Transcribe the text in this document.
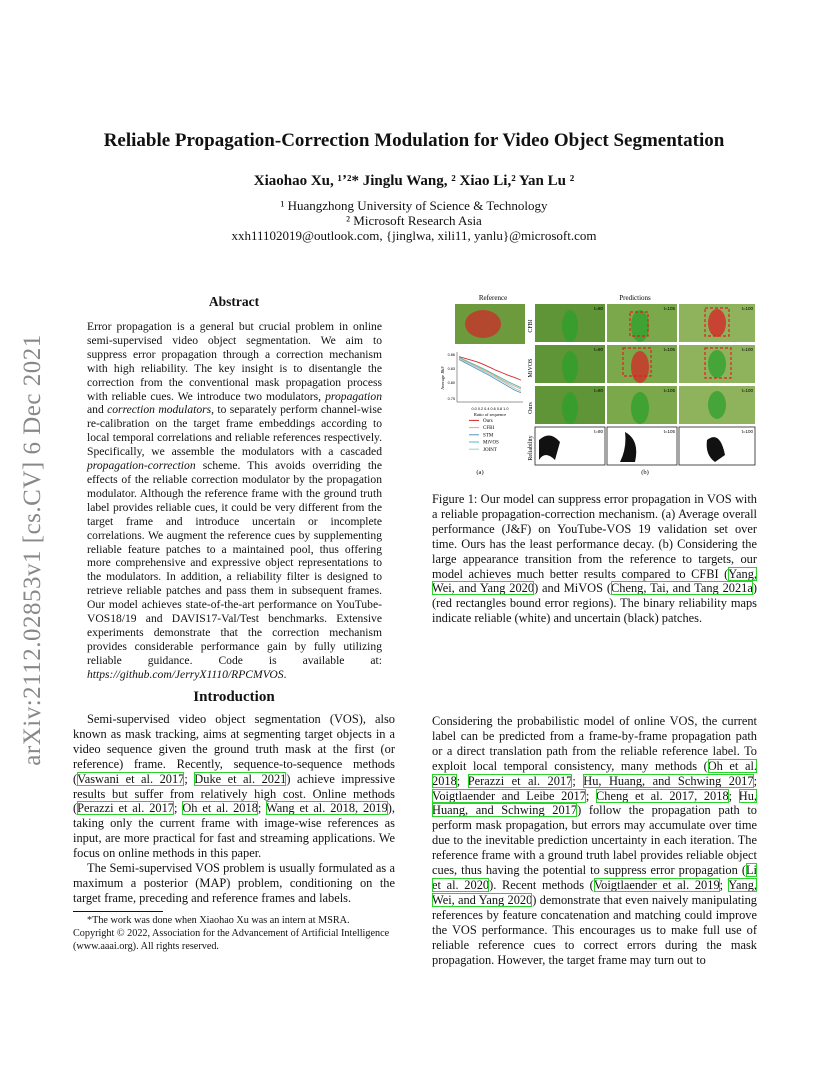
Reliable Propagation-Correction Modulation for Video Object Segmentation
Xiaohao Xu, ¹ʼ²* Jinglu Wang, ² Xiao Li,² Yan Lu ²
¹ Huangzhong University of Science & Technology
² Microsoft Research Asia
xxh11102019@outlook.com, {jinglwa, xili11, yanlu}@microsoft.com
arXiv:2112.02853v1 [cs.CV] 6 Dec 2021
Abstract
Error propagation is a general but crucial problem in online semi-supervised video object segmentation. We aim to suppress error propagation through a correction mechanism with high reliability. The key insight is to disentangle the correction from the conventional mask propagation process with reliable cues. We introduce two modulators, propagation and correction modulators, to separately perform channel-wise re-calibration on the target frame embeddings according to local temporal correlations and reliable references respectively. Specifically, we assemble the modulators with a cascaded propagation-correction scheme. This avoids overriding the effects of the reliable correction modulator by the propagation modulator. Although the reference frame with the ground truth label provides reliable cues, it could be very different from the target frame and introduce uncertain or incomplete correlations. We augment the reference cues by supplementing reliable feature patches to a maintained pool, thus offering more comprehensive and expressive object representations to the modulators. In addition, a reliability filter is designed to retrieve reliable patches and pass them in subsequent frames. Our model achieves state-of-the-art performance on YouTube-VOS18/19 and DAVIS17-Val/Test benchmarks. Extensive experiments demonstrate that the correction mechanism provides considerable performance gain by fully utilizing reliable guidance. Code is available at: https://github.com/JerryX1110/RPCMVOS.
Introduction

Semi-supervised video object segmentation (VOS), also known as mask tracking, aims at segmenting target objects in a video sequence given the ground truth mask at the first (or reference) frame. Recently, sequence-to-sequence methods (Vaswani et al. 2017; Duke et al. 2021) achieve impressive results but suffer from relatively high cost. Online methods (Perazzi et al. 2017; Oh et al. 2018; Wang et al. 2018, 2019), taking only the current frame with image-wise references as input, are more practical for fast and streaming applications. We focus on online methods in this paper.

The Semi-supervised VOS problem is usually formulated as a maximum a posterior (MAP) problem, conditioning on the target frame, preceding and reference frames and labels.

*The work was done when Xiaohao Xu was an intern at MSRA.
Copyright © 2022, Association for the Advancement of Artificial Intelligence (www.aaai.org). All rights reserved.
Reference	Predictions
CFBI
MiVOS
Ours
Reliability
t=80	t=105	t=100
t=80	t=105	t=100
t=80	t=105	t=100
t=80	t=105	t=100
Average J&F
Ratio of sequence
0.0 0.2 0.4 0.6 0.8 1.0
0.86
0.83
0.80
0.75
Ours
CFBI
STM
MiVOS
JOINT
(a)	(b)
Figure 1: Our model can suppress error propagation in VOS with a reliable propagation-correction mechanism. (a) Average overall performance (J&F) on YouTube-VOS 19 validation set over time. Ours has the least performance decay. (b) Considering the large appearance transition from the reference to targets, our model achieves much better results compared to CFBI (Yang, Wei, and Yang 2020) and MiVOS (Cheng, Tai, and Tang 2021a) (red rectangles bound error regions). The binary reliability maps indicate reliable (white) and uncertain (black) patches.
Considering the probabilistic model of online VOS, the current label can be predicted from a frame-by-frame propagation path or a direct translation path from the reliable reference label. To exploit local temporal consistency, many methods (Oh et al. 2018; Perazzi et al. 2017; Hu, Huang, and Schwing 2017; Voigtlaender and Leibe 2017; Cheng et al. 2017, 2018; Hu, Huang, and Schwing 2017) follow the propagation path to perform mask propagation, but errors may accumulate over time due to the inevitable prediction uncertainty in each iteration. The reference frame with a ground truth label provides reliable object cues, thus having the potential to suppress error propagation (Li et al. 2020). Recent methods (Voigtlaender et al. 2019; Yang, Wei, and Yang 2020) demonstrate that even naively manipulating references by feature concatenation and matching could improve the VOS performance. This encourages us to make full use of reliable reference cues to correct errors during the mask propagation. However, the target frame may turn out to
